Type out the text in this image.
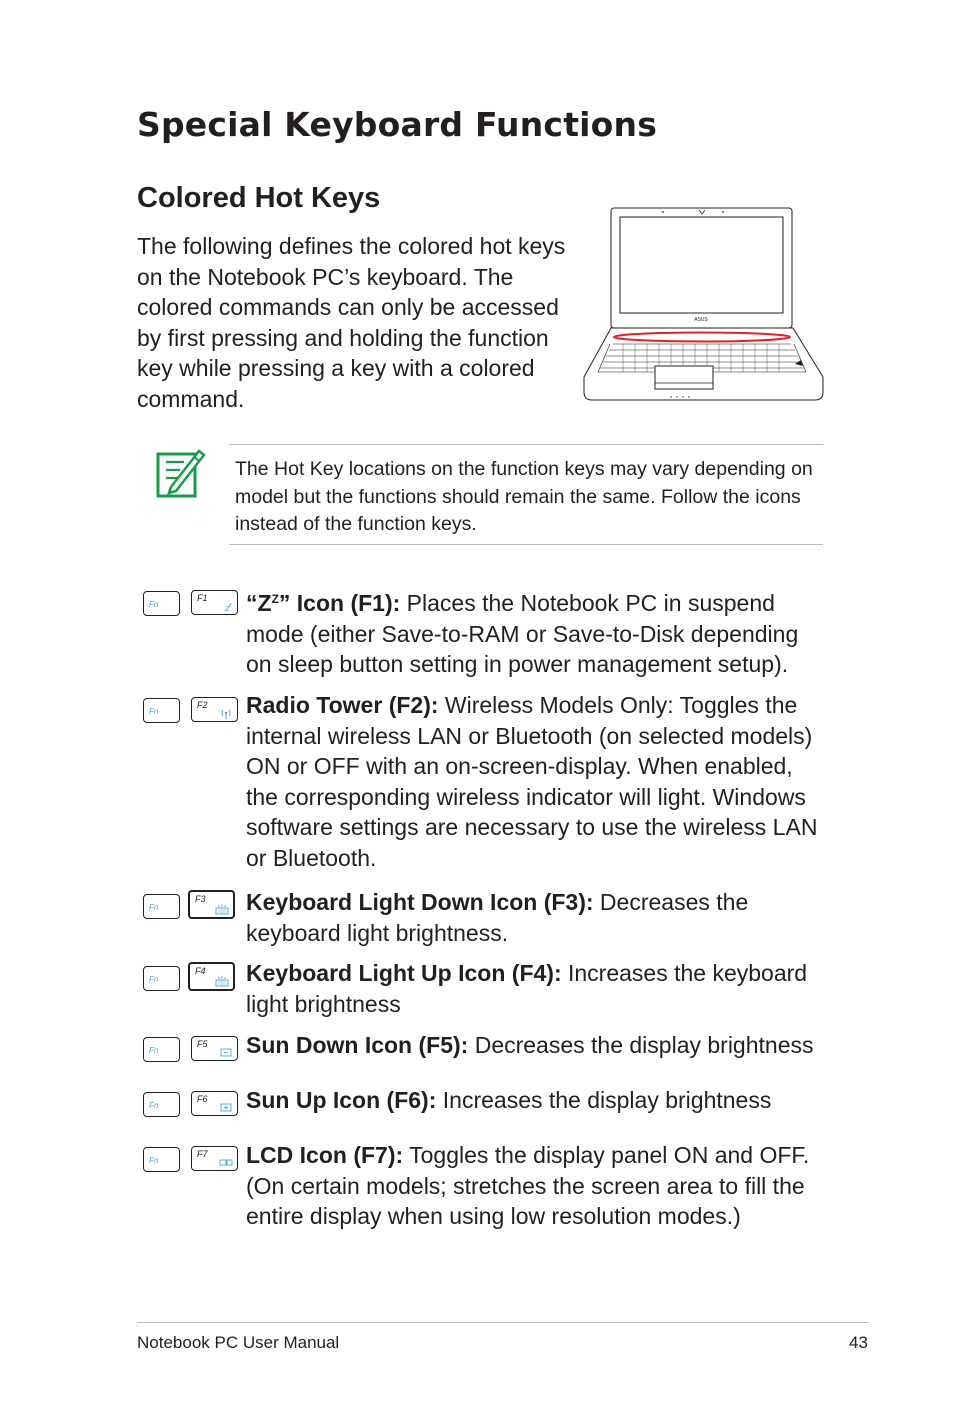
Special Keyboard Functions
Colored Hot Keys

The following defines the colored hot keys on the Notebook PC’s keyboard. The colored commands can only be accessed by first pressing and holding the function key while pressing a key with a colored command.

ASUS

The Hot Key locations on the function keys may vary depending on model but the functions should remain the same. Follow the icons instead of the function keys.

Fn
F1
z z “$Z^Z$” Icon (F1): Places the Notebook PC in suspend mode (either Save-to-RAM or Save-to-Disk depending on sleep button setting in power management setup).

Fn
F2 Radio Tower (F2): Wireless Models Only: Toggles the internal wireless LAN or Bluetooth (on selected models) ON or OFF with an on-screen-display. When enabled, the corresponding wireless indicator will light. Windows software settings are necessary to use the wireless LAN or Bluetooth.

Fn
F3 Keyboard Light Down Icon (F3): Decreases the keyboard light brightness.

Fn
F4 Keyboard Light Up Icon (F4): Increases the keyboard light brightness

Fn
F5 Sun Down Icon (F5): Decreases the display brightness

Fn
F6 Sun Up Icon (F6): Increases the display brightness

Fn
F7 LCD Icon (F7): Toggles the display panel ON and OFF. (On certain models; stretches the screen area to fill the entire display when using low resolution modes.)

Notebook PC User Manual	43
